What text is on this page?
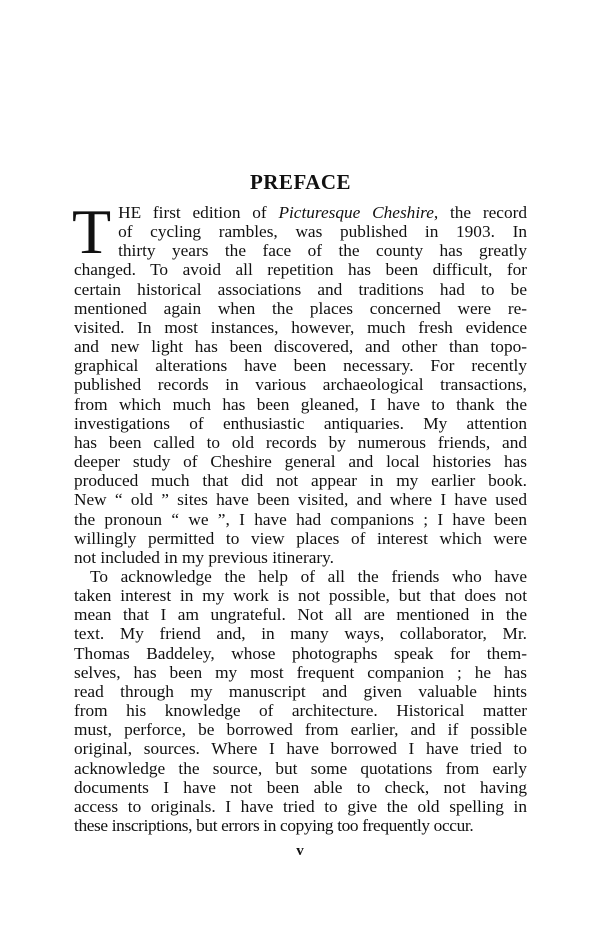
PREFACE
T HE first edition of Picturesque Cheshire, the record
of cycling rambles, was published in 1903. In
thirty years the face of the county has greatly
changed. To avoid all repetition has been difficult, for
certain historical associations and traditions had to be
mentioned again when the places concerned were re-
visited. In most instances, however, much fresh evidence
and new light has been discovered, and other than topo-
graphical alterations have been necessary. For recently
published records in various archaeological transactions,
from which much has been gleaned, I have to thank the
investigations of enthusiastic antiquaries. My attention
has been called to old records by numerous friends, and
deeper study of Cheshire general and local histories has
produced much that did not appear in my earlier book.
New “ old ” sites have been visited, and where I have used
the pronoun “ we ”, I have had companions ; I have been
willingly permitted to view places of interest which were
not included in my previous itinerary.
To acknowledge the help of all the friends who have
taken interest in my work is not possible, but that does not
mean that I am ungrateful. Not all are mentioned in the
text. My friend and, in many ways, collaborator, Mr.
Thomas Baddeley, whose photographs speak for them-
selves, has been my most frequent companion ; he has
read through my manuscript and given valuable hints
from his knowledge of architecture. Historical matter
must, perforce, be borrowed from earlier, and if possible
original, sources. Where I have borrowed I have tried to
acknowledge the source, but some quotations from early
documents I have not been able to check, not having
access to originals. I have tried to give the old spelling in
these inscriptions, but errors in copying too frequently occur.
v
